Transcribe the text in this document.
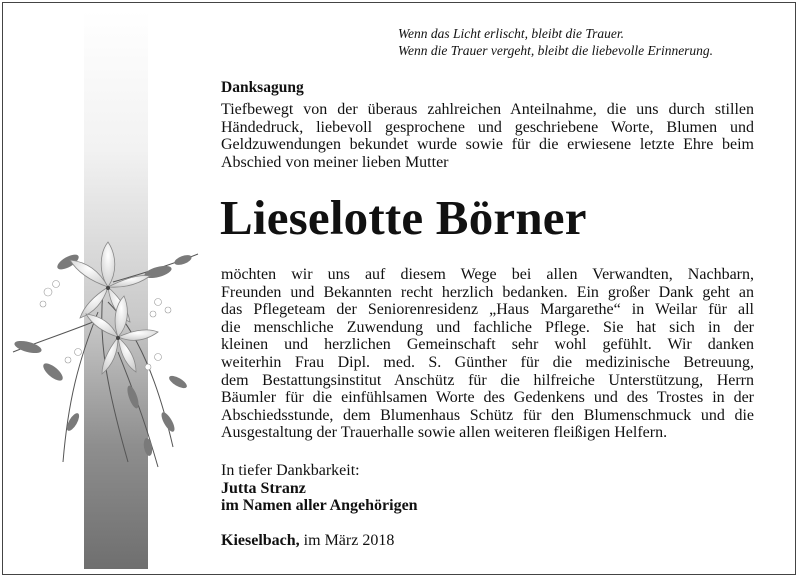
Wenn das Licht erlischt, bleibt die Trauer.
Wenn die Trauer vergeht, bleibt die liebevolle Erinnerung.
Danksagung
Tiefbewegt von der überaus zahlreichen Anteilnahme, die uns durch stillen
Händedruck, liebevoll gesprochene und geschriebene Worte, Blumen und
Geldzuwendungen bekundet wurde sowie für die erwiesene letzte Ehre beim
Abschied von meiner lieben Mutter
Lieselotte Börner
möchten wir uns auf diesem Wege bei allen Verwandten, Nachbarn,
Freunden und Bekannten recht herzlich bedanken. Ein großer Dank geht an
das Pflegeteam der Seniorenresidenz „Haus Margarethe“ in Weilar für all
die menschliche Zuwendung und fachliche Pflege. Sie hat sich in der
kleinen und herzlichen Gemeinschaft sehr wohl gefühlt. Wir danken
weiterhin Frau Dipl. med. S. Günther für die medizinische Betreuung,
dem Bestattungsinstitut Anschütz für die hilfreiche Unterstützung, Herrn
Bäumler für die einfühlsamen Worte des Gedenkens und des Trostes in der
Abschiedsstunde, dem Blumenhaus Schütz für den Blumenschmuck und die
Ausgestaltung der Trauerhalle sowie allen weiteren fleißigen Helfern.
In tiefer Dankbarkeit:
Jutta Stranz
im Namen aller Angehörigen
Kieselbach, im März 2018
